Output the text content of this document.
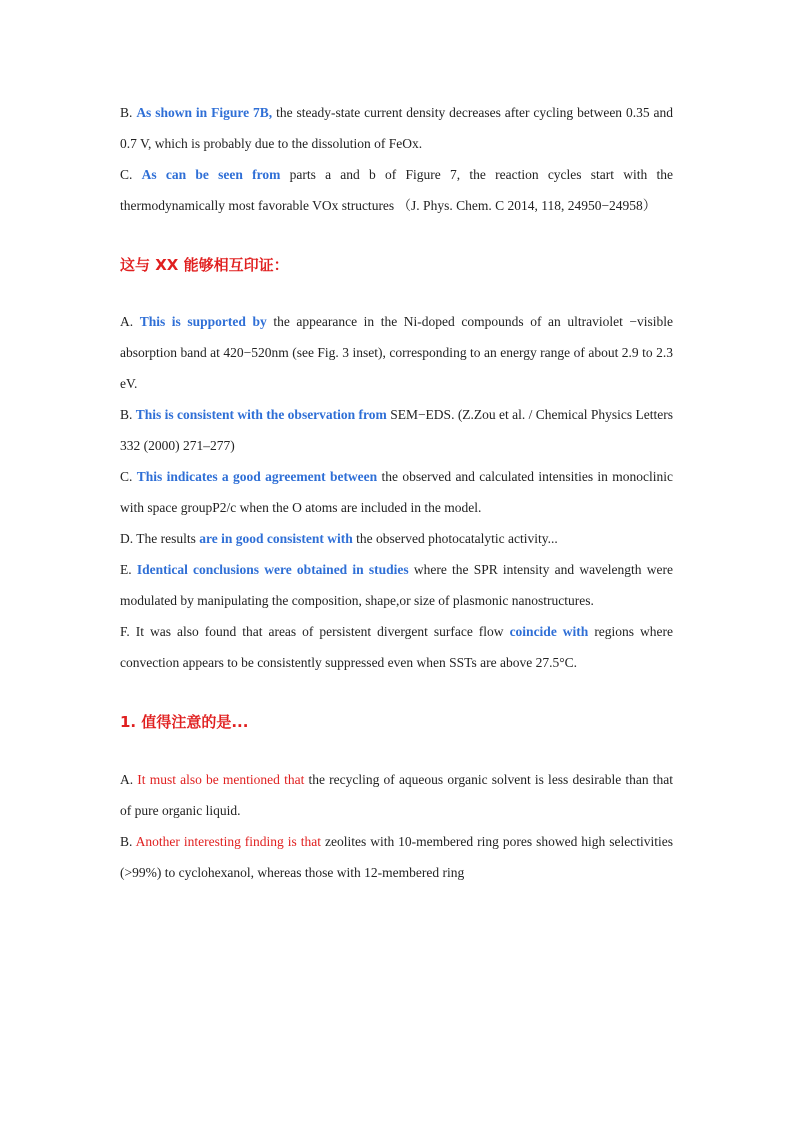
B. As shown in Figure 7B, the steady-state current density decreases after cycling between 0.35 and 0.7 V, which is probably due to the dissolution of FeOx.

C. As can be seen from parts a and b of Figure 7, the reaction cycles start with the thermodynamically most favorable VOx structures （J. Phys. Chem. C 2014, 118, 24950−24958）

这与 XX 能够相互印证：

A. This is supported by the appearance in the Ni-doped compounds of an ultraviolet −visible absorption band at 420−520nm (see Fig. 3 inset), corresponding to an energy range of about 2.9 to 2.3 eV.

B. This is consistent with the observation from SEM−EDS. (Z.Zou et al. / Chemical Physics Letters 332 (2000) 271–277)

C. This indicates a good agreement between the observed and calculated intensities in monoclinic with space groupP2/c when the O atoms are included in the model.

D. The results are in good consistent with the observed photocatalytic activity...

E. Identical conclusions were obtained in studies where the SPR intensity and wavelength were modulated by manipulating the composition, shape,or size of plasmonic nanostructures.

F. It was also found that areas of persistent divergent surface flow coincide with regions where convection appears to be consistently suppressed even when SSTs are above 27.5°C.

1. 值得注意的是...

A. It must also be mentioned that the recycling of aqueous organic solvent is less desirable than that of pure organic liquid.

B. Another interesting finding is that zeolites with 10-membered ring pores showed high selectivities (>99%) to cyclohexanol, whereas those with 12-membered ring
